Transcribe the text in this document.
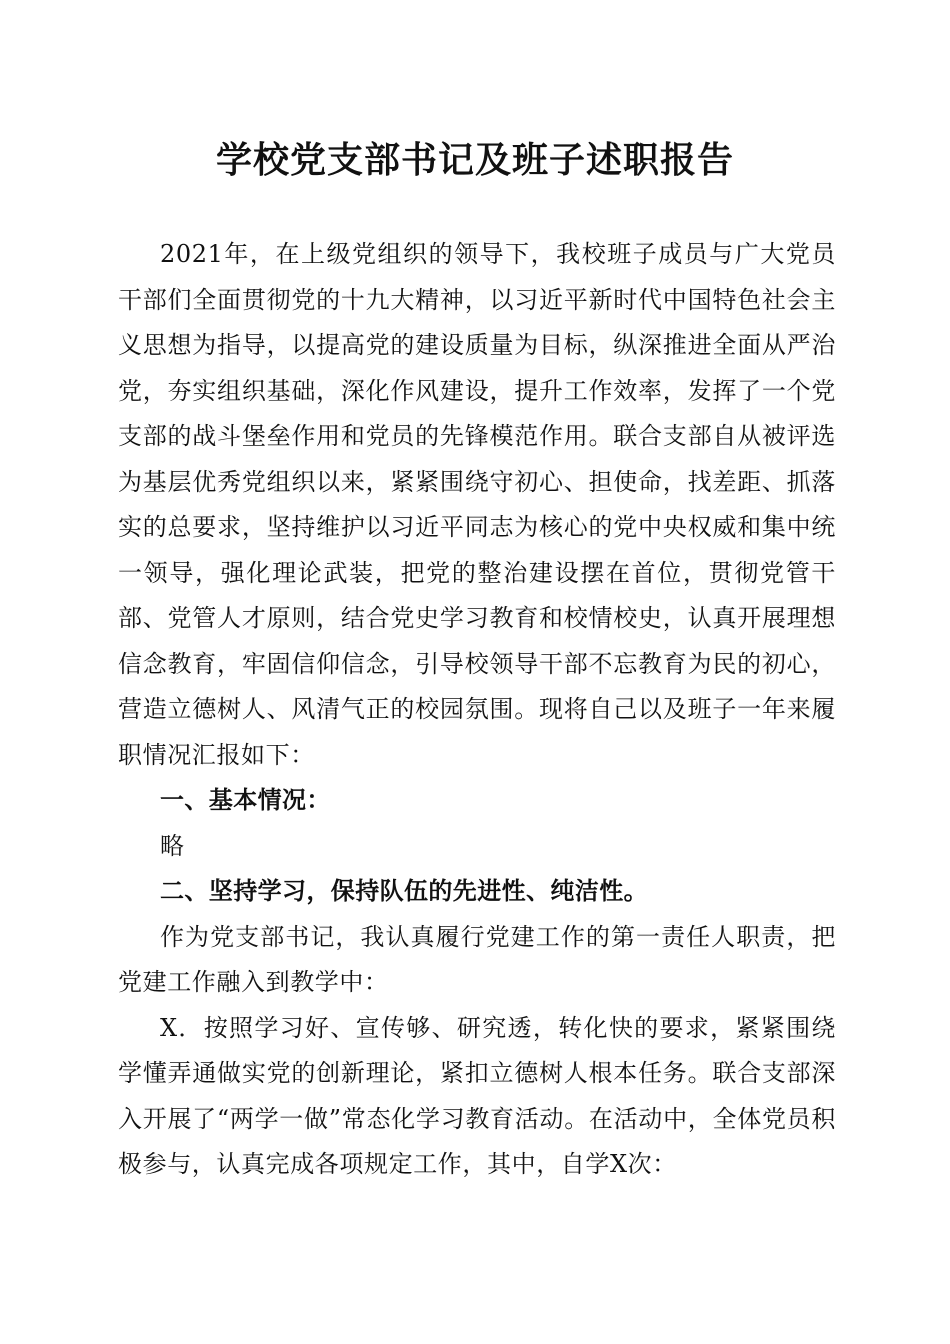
学校党支部书记及班子述职报告

2021年，在上级党组织的领导下，我校班子成员与广大党员干部们全面贯彻党的十九大精神，以习近平新时代中国特色社会主义思想为指导，以提高党的建设质量为目标，纵深推进全面从严治党，夯实组织基础，深化作风建设，提升工作效率，发挥了一个党支部的战斗堡垒作用和党员的先锋模范作用。联合支部自从被评选为基层优秀党组织以来，紧紧围绕守初心、担使命，找差距、抓落实的总要求，坚持维护以习近平同志为核心的党中央权威和集中统一领导，强化理论武装，把党的整治建设摆在首位，贯彻党管干部、党管人才原则，结合党史学习教育和校情校史，认真开展理想信念教育，牢固信仰信念，引导校领导干部不忘教育为民的初心，营造立德树人、风清气正的校园氛围。现将自己以及班子一年来履职情况汇报如下：

一、基本情况：

略

二、坚持学习，保持队伍的先进性、纯洁性。

作为党支部书记，我认真履行党建工作的第一责任人职责，把党建工作融入到教学中：

X．按照学习好、宣传够、研究透，转化快的要求，紧紧围绕学懂弄通做实党的创新理论，紧扣立德树人根本任务。联合支部深入开展了“两学一做”常态化学习教育活动。在活动中，全体党员积极参与，认真完成各项规定工作，其中，自学X次：
